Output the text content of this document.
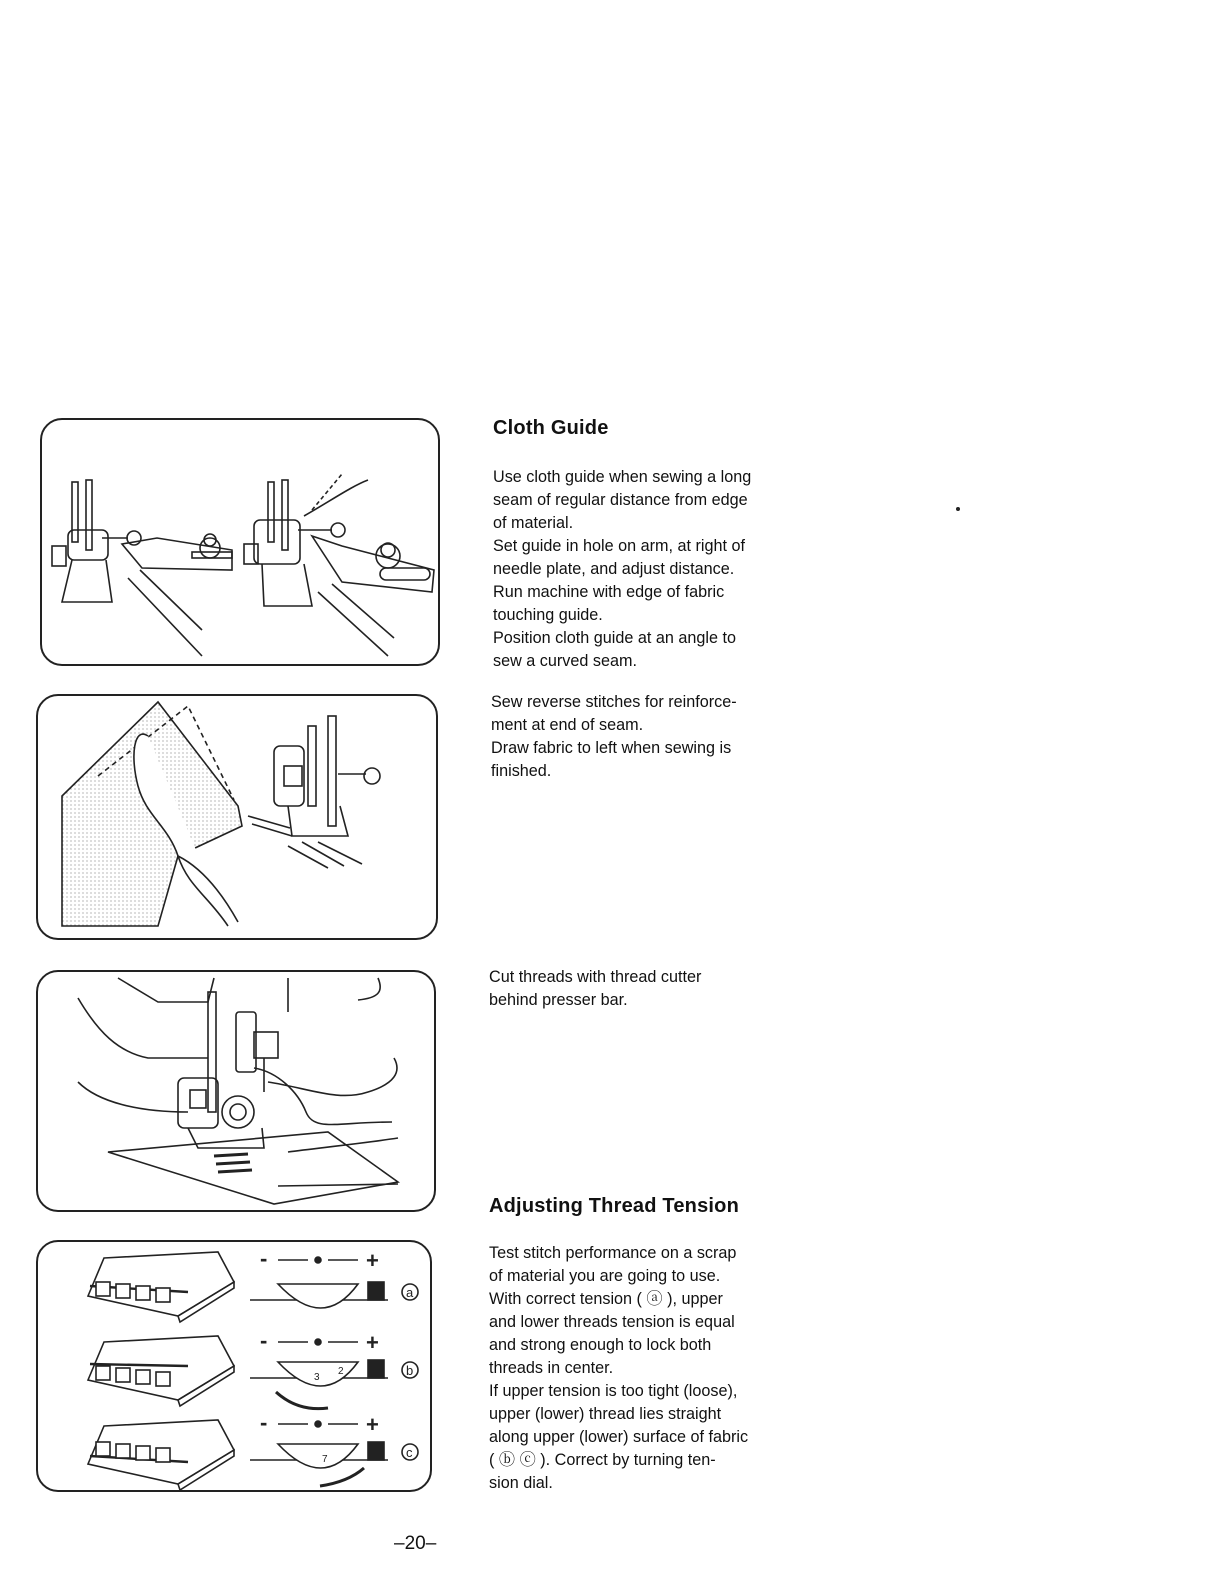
-	+
a
-	+
3
2	b
-	+
7	c
Cloth Guide
Use cloth guide when sewing a long
seam of regular distance from edge
of material.
Set guide in hole on arm, at right of
needle plate, and adjust distance.
Run machine with edge of fabric
touching guide.
Position cloth guide at an angle to
sew a curved seam.
Sew reverse stitches for reinforce-
ment at end of seam.
Draw fabric to left when sewing is
finished.
Cut threads with thread cutter
behind presser bar.
Adjusting Thread Tension
Test stitch performance on a scrap
of material you are going to use.
With correct tension ( ⓐ ), upper
and lower threads tension is equal
and strong enough to lock both
threads in center.
If upper tension is too tight (loose),
upper (lower) thread lies straight
along upper (lower) surface of fabric
( ⓑ ⓒ ). Correct by turning ten-
sion dial.
–20–
